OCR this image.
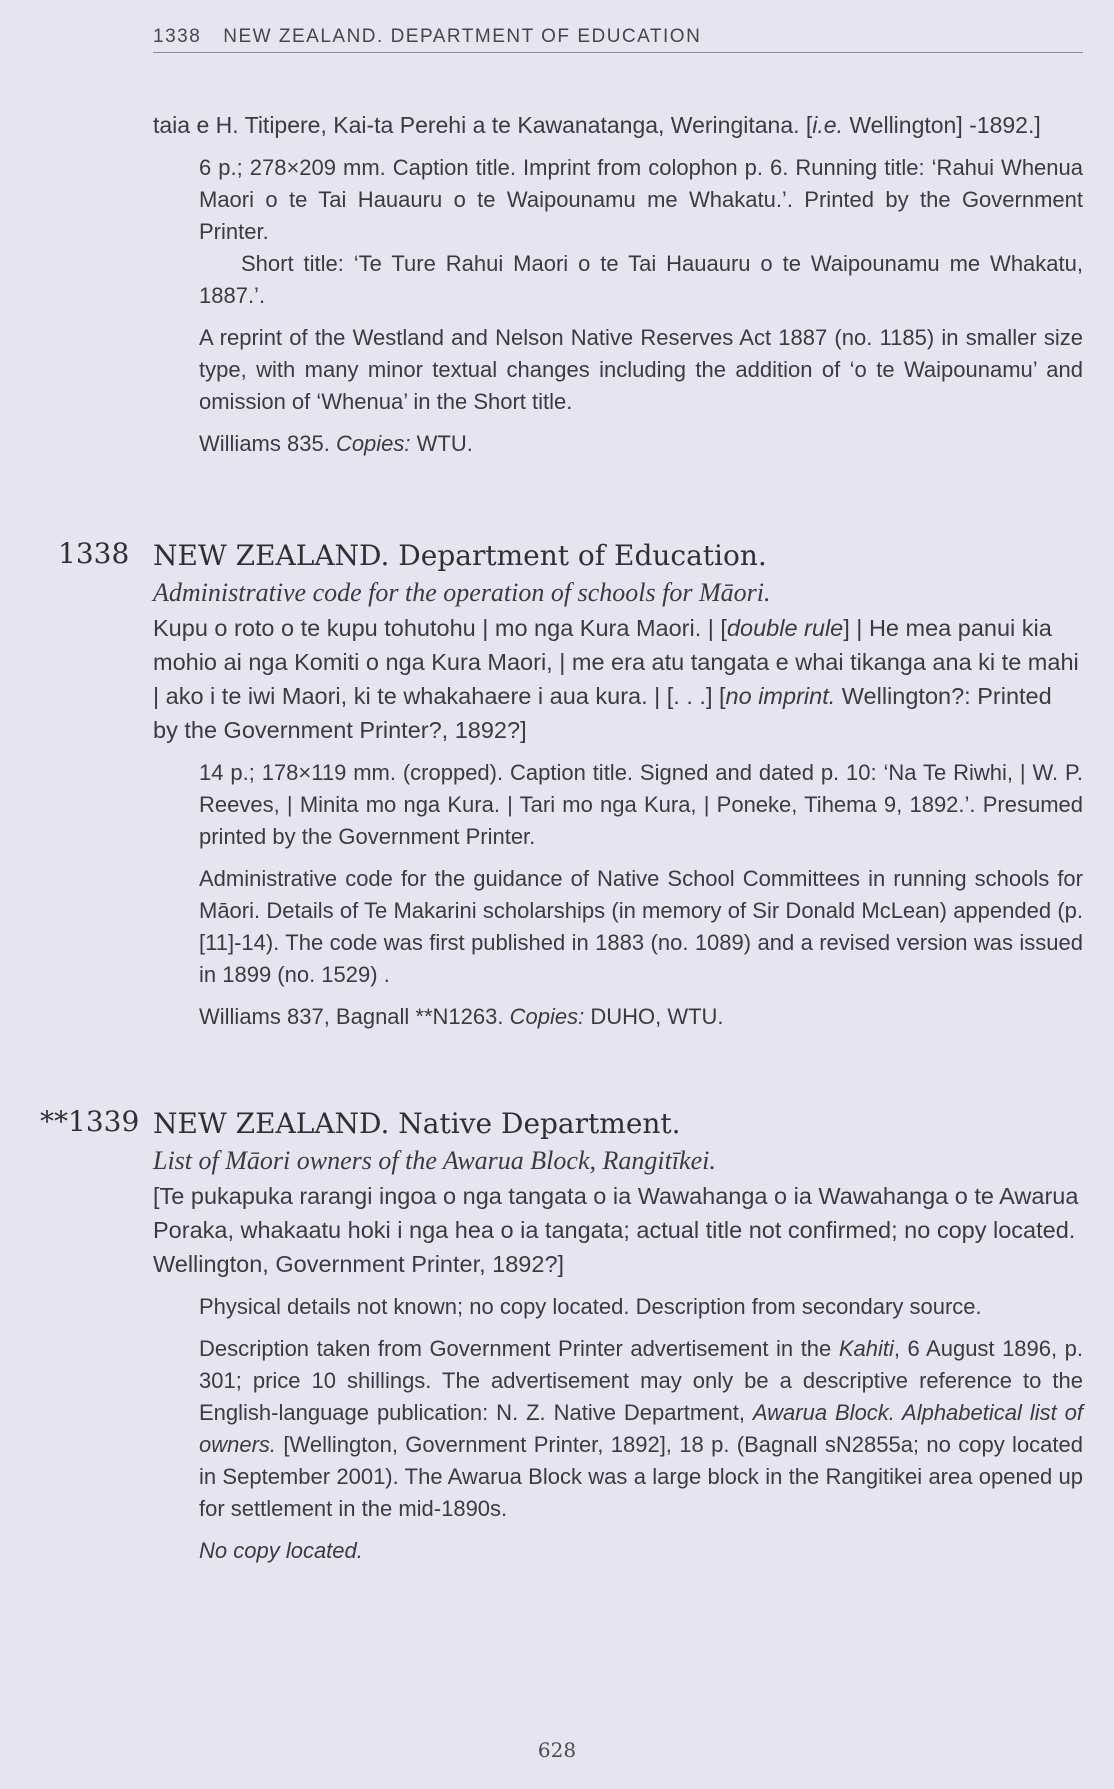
1338 NEW ZEALAND. DEPARTMENT OF EDUCATION

taia e H. Titipere, Kai-ta Perehi a te Kawanatanga, Weringitana. [i.e. Wellington] -1892.]

6 p.; 278×209 mm. Caption title. Imprint from colophon p. 6. Running title: ‘Rahui Whenua Maori o te Tai Hauauru o te Waipounamu me Whakatu.’. Printed by the Government Printer.

Short title: ‘Te Ture Rahui Maori o te Tai Hauauru o te Waipounamu me Whakatu, 1887.’.

A reprint of the Westland and Nelson Native Reserves Act 1887 (no. 1185) in smaller size type, with many minor textual changes including the addition of ‘o te Waipounamu’ and omission of ‘Whenua’ in the Short title.

Williams 835. Copies: WTU.

1338 NEW ZEALAND. Department of Education.

Administrative code for the operation of schools for Māori.

Kupu o roto o te kupu tohutohu | mo nga Kura Maori. | [double rule] | He mea panui kia mohio ai nga Komiti o nga Kura Maori, | me era atu tangata e whai tikanga ana ki te mahi | ako i te iwi Maori, ki te whakahaere i aua kura. | [. . .] [no imprint. Wellington?: Printed by the Government Printer?, 1892?]

14 p.; 178×119 mm. (cropped). Caption title. Signed and dated p. 10: ‘Na Te Riwhi, | W. P. Reeves, | Minita mo nga Kura. | Tari mo nga Kura, | Poneke, Tihema 9, 1892.’. Presumed printed by the Government Printer.

Administrative code for the guidance of Native School Committees in running schools for Māori. Details of Te Makarini scholarships (in memory of Sir Donald McLean) appended (p. [11]-14). The code was first published in 1883 (no. 1089) and a revised version was issued in 1899 (no. 1529) .

Williams 837, Bagnall **N1263. Copies: DUHO, WTU.

**1339 NEW ZEALAND. Native Department.

List of Māori owners of the Awarua Block, Rangitīkei.

[Te pukapuka rarangi ingoa o nga tangata o ia Wawahanga o ia Wawahanga o te Awarua Poraka, whakaatu hoki i nga hea o ia tangata; actual title not confirmed; no copy located. Wellington, Government Printer, 1892?]

Physical details not known; no copy located. Description from secondary source.

Description taken from Government Printer advertisement in the Kahiti, 6 August 1896, p. 301; price 10 shillings. The advertisement may only be a descriptive reference to the English-language publication: N. Z. Native Department, Awarua Block. Alphabetical list of owners. [Wellington, Government Printer, 1892], 18 p. (Bagnall sN2855a; no copy located in September 2001). The Awarua Block was a large block in the Rangitikei area opened up for settlement in the mid-1890s.

No copy located.

628
